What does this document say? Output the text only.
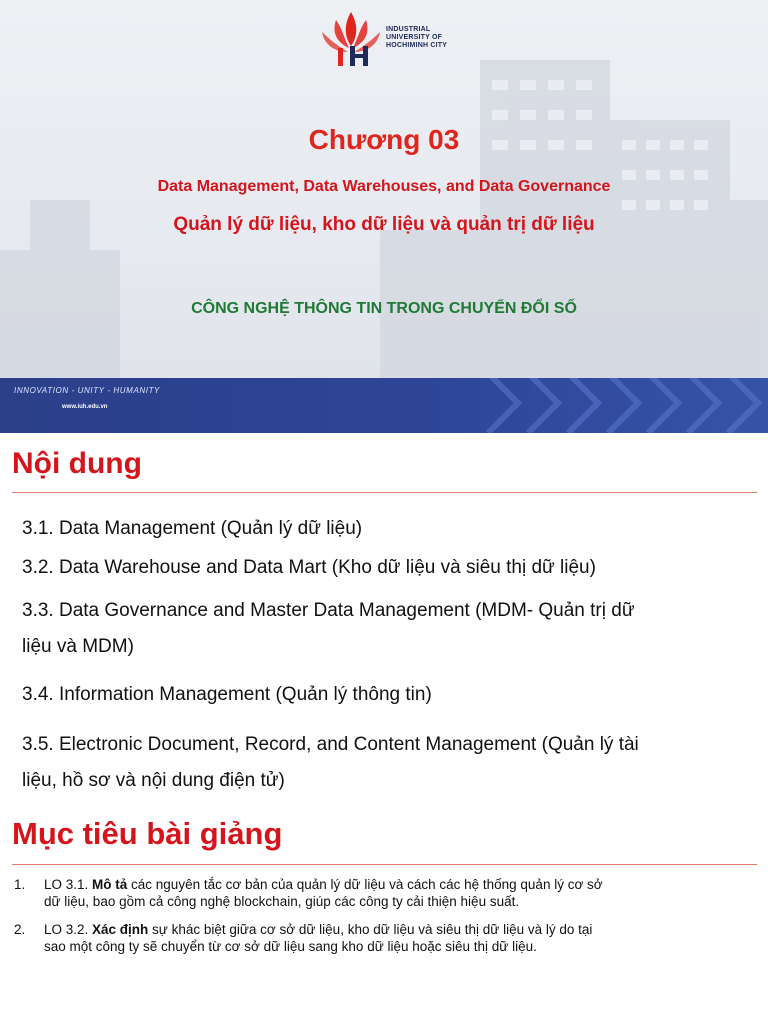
INDUSTRIAL
UNIVERSITY OF
HOCHIMINH CITY
Chương 03
Data Management, Data Warehouses, and Data Governance
Quản lý dữ liệu, kho dữ liệu và quản trị dữ liệu
CÔNG NGHỆ THÔNG TIN TRONG CHUYỂN ĐỔI SỐ
INNOVATION - UNITY - HUMANITY
www.iuh.edu.vn
Nội dung
3.1. Data Management (Quản lý dữ liệu)
3.2. Data Warehouse and Data Mart (Kho dữ liệu và siêu thị dữ liệu)
3.3. Data Governance and Master Data Management (MDM- Quản trị dữ
liệu và MDM)
3.4. Information Management (Quản lý thông tin)
3.5. Electronic Document, Record, and Content Management (Quản lý tài
liệu, hồ sơ và nội dung điện tử)
Mục tiêu bài giảng
1. LO 3.1. Mô tả các nguyên tắc cơ bản của quản lý dữ liệu và cách các hệ thống quản lý cơ sở
dữ liệu, bao gồm cả công nghệ blockchain, giúp các công ty cải thiện hiệu suất.
2. LO 3.2. Xác định sự khác biệt giữa cơ sở dữ liệu, kho dữ liệu và siêu thị dữ liệu và lý do tại
sao một công ty sẽ chuyển từ cơ sở dữ liệu sang kho dữ liệu hoặc siêu thị dữ liệu.
